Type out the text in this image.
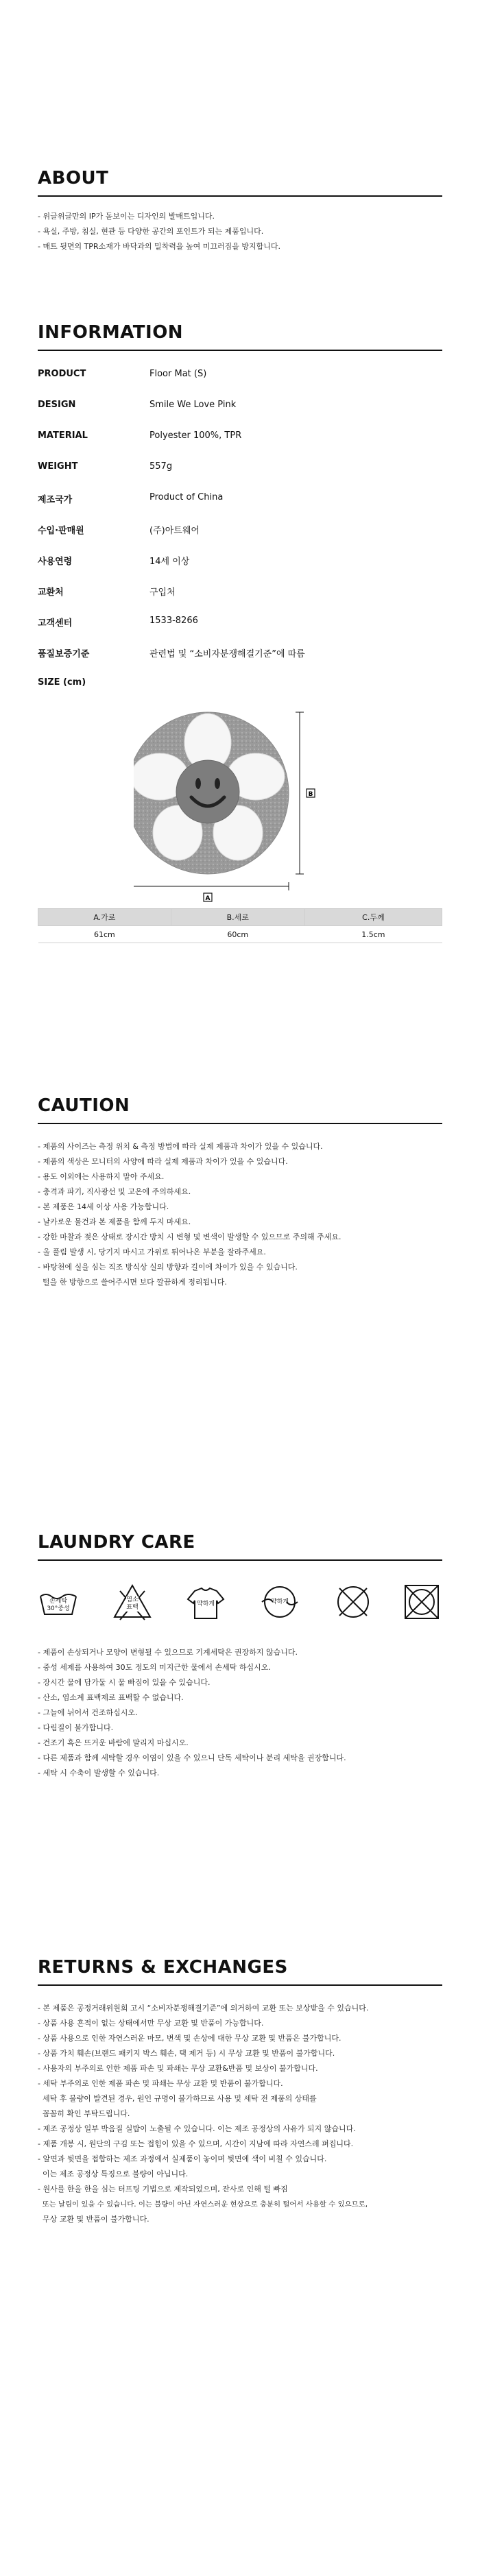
ABOUT
- 위글위글만의 IP가 돋보이는 디자인의 발매트입니다.
- 욕실, 주방, 침실, 현관 등 다양한 공간의 포인트가 되는 제품입니다.
- 매트 뒷면의 TPR소재가 바닥과의 밀착력을 높여 미끄러짐을 방지합니다.
INFORMATION
PRODUCT	Floor Mat (S)
DESIGN	Smile We Love Pink
MATERIAL	Polyester 100%, TPR
WEIGHT	557g
제조국가	Product of China
수입·판매원	(주)아트웨어
사용연령	14세 이상
교환처	구입처
고객센터	1533-8266
품질보증기준	관련법 및 “소비자분쟁해결기준”에 따름
SIZE (cm)
B
A
A.가로	B.세로	C.두께
61cm	60cm	1.5cm
CAUTION
- 제품의 사이즈는 측정 위치 & 측정 방법에 따라 실제 제품과 차이가 있을 수 있습니다.
- 제품의 색상은 모니터의 사양에 따라 실제 제품과 차이가 있을 수 있습니다.
- 용도 이외에는 사용하지 말아 주세요.
- 충격과 파기, 직사광선 및 고온에 주의하세요.
- 본 제품은 14세 이상 사용 가능합니다.
- 날카로운 물건과 본 제품을 함께 두지 마세요.
- 강한 마찰과 젖은 상태로 장시간 방치 시 변형 및 변색이 발생할 수 있으므로 주의해 주세요.
- 올 풀림 발생 시, 당기지 마시고 가위로 튀어나온 부분을 잘라주세요.
- 바탕천에 실을 심는 직조 방식상 실의 방향과 길이에 차이가 있을 수 있습니다.
털을 한 방향으로 쓸어주시면 보다 깔끔하게 정리됩니다.
LAUNDRY CARE
손세탁
30°중성
염소
표백	약하게	약하게
- 제품이 손상되거나 모양이 변형될 수 있으므로 기계세탁은 권장하지 않습니다.
- 중성 세제를 사용하여 30도 정도의 미지근한 물에서 손세탁 하십시오.
- 장시간 물에 담가둘 시 물 빠짐이 있을 수 있습니다.
- 산소, 염소계 표백제로 표백할 수 없습니다.
- 그늘에 뉘어서 건조하십시오.
- 다림질이 불가합니다.
- 건조기 혹은 뜨거운 바람에 말리지 마십시오.
- 다른 제품과 함께 세탁할 경우 이염이 있을 수 있으니 단독 세탁이나 분리 세탁을 권장합니다.
- 세탁 시 수축이 발생할 수 있습니다.
RETURNS & EXCHANGES
- 본 제품은 공정거래위원회 고시 “소비자분쟁해결기준”에 의거하여 교환 또는 보상받을 수 있습니다.
- 상품 사용 흔적이 없는 상태에서만 무상 교환 및 반품이 가능합니다.
- 상품 사용으로 인한 자연스러운 마모, 변색 및 손상에 대한 무상 교환 및 반품은 불가합니다.
- 상품 가치 훼손(브랜드 패키지 박스 훼손, 택 제거 등) 시 무상 교환 및 반품이 불가합니다.
- 사용자의 부주의로 인한 제품 파손 및 파쇄는 무상 교환&반품 및 보상이 불가합니다.
- 세탁 부주의로 인한 제품 파손 및 파쇄는 무상 교환 및 반품이 불가합니다.
세탁 후 불량이 발견된 경우, 원인 규명이 불가하므로 사용 및 세탁 전 제품의 상태를
꼼꼼히 확인 부탁드립니다.
- 제조 공정상 일부 박음질 실밥이 노출될 수 있습니다. 이는 제조 공정상의 사유가 되지 않습니다.
- 제품 개봉 시, 원단의 구김 또는 접힘이 있을 수 있으며, 시간이 지남에 따라 자연스레 펴집니다.
- 알면과 뒷면을 접합하는 제조 과정에서 실제품이 놓이며 뒷면에 색이 비칠 수 있습니다.
이는 제조 공정상 특징으로 불량이 아닙니다.
- 원사를 한올 한올 심는 터프팅 기법으로 제작되었으며, 잔사로 인해 털 빠짐
또는 날림이 있을 수 있습니다. 이는 불량이 아닌 자연스러운 현상으로 충분히 털어서 사용할 수 있으므로,
무상 교환 및 반품이 불가합니다.
